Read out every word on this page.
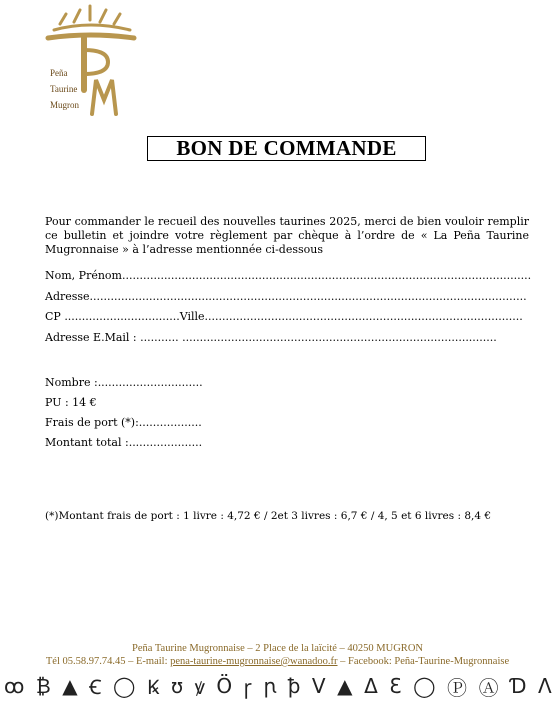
Peña
Taurine
Mugron
BON DE COMMANDE
Pour commander le recueil des nouvelles taurines 2025, merci de bien vouloir remplir ce bulletin et joindre votre règlement par chèque à l’ordre de « La Peña Taurine Mugronnaise » à l’adresse mentionnée ci-dessous
Nom, Prénom.....................................................................................................................
Adresse.............................................................................................................................
CP .................................Ville...........................................................................................
Adresse E.Mail : ........... ..........................................................................................
Nombre :..............................
PU : 14 €
Frais de port (*):..................
Montant total :.....................
(*)Montant frais de port : 1 livre : 4,72 € / 2et 3 livres : 6,7 € / 4, 5 et 6 livres : 8,4 €
Peña Taurine Mugronnaise – 2 Place de la laïcité – 40250 MUGRON
Tél 05.58.97.74.45 – E-mail: pena-taurine-mugronnaise@wanadoo.fr – Facebook: Peña-Taurine-Mugronnaise
ꝏ ₿ ▲ Ꞓ ◯ Ꝃ ʊ ꝟ Ö ꞅ ꞃ ꝥ Ⅴ ▲ Δ Ꜫ ◯ Ⓟ Ⓐ Ɗ Ʌ
